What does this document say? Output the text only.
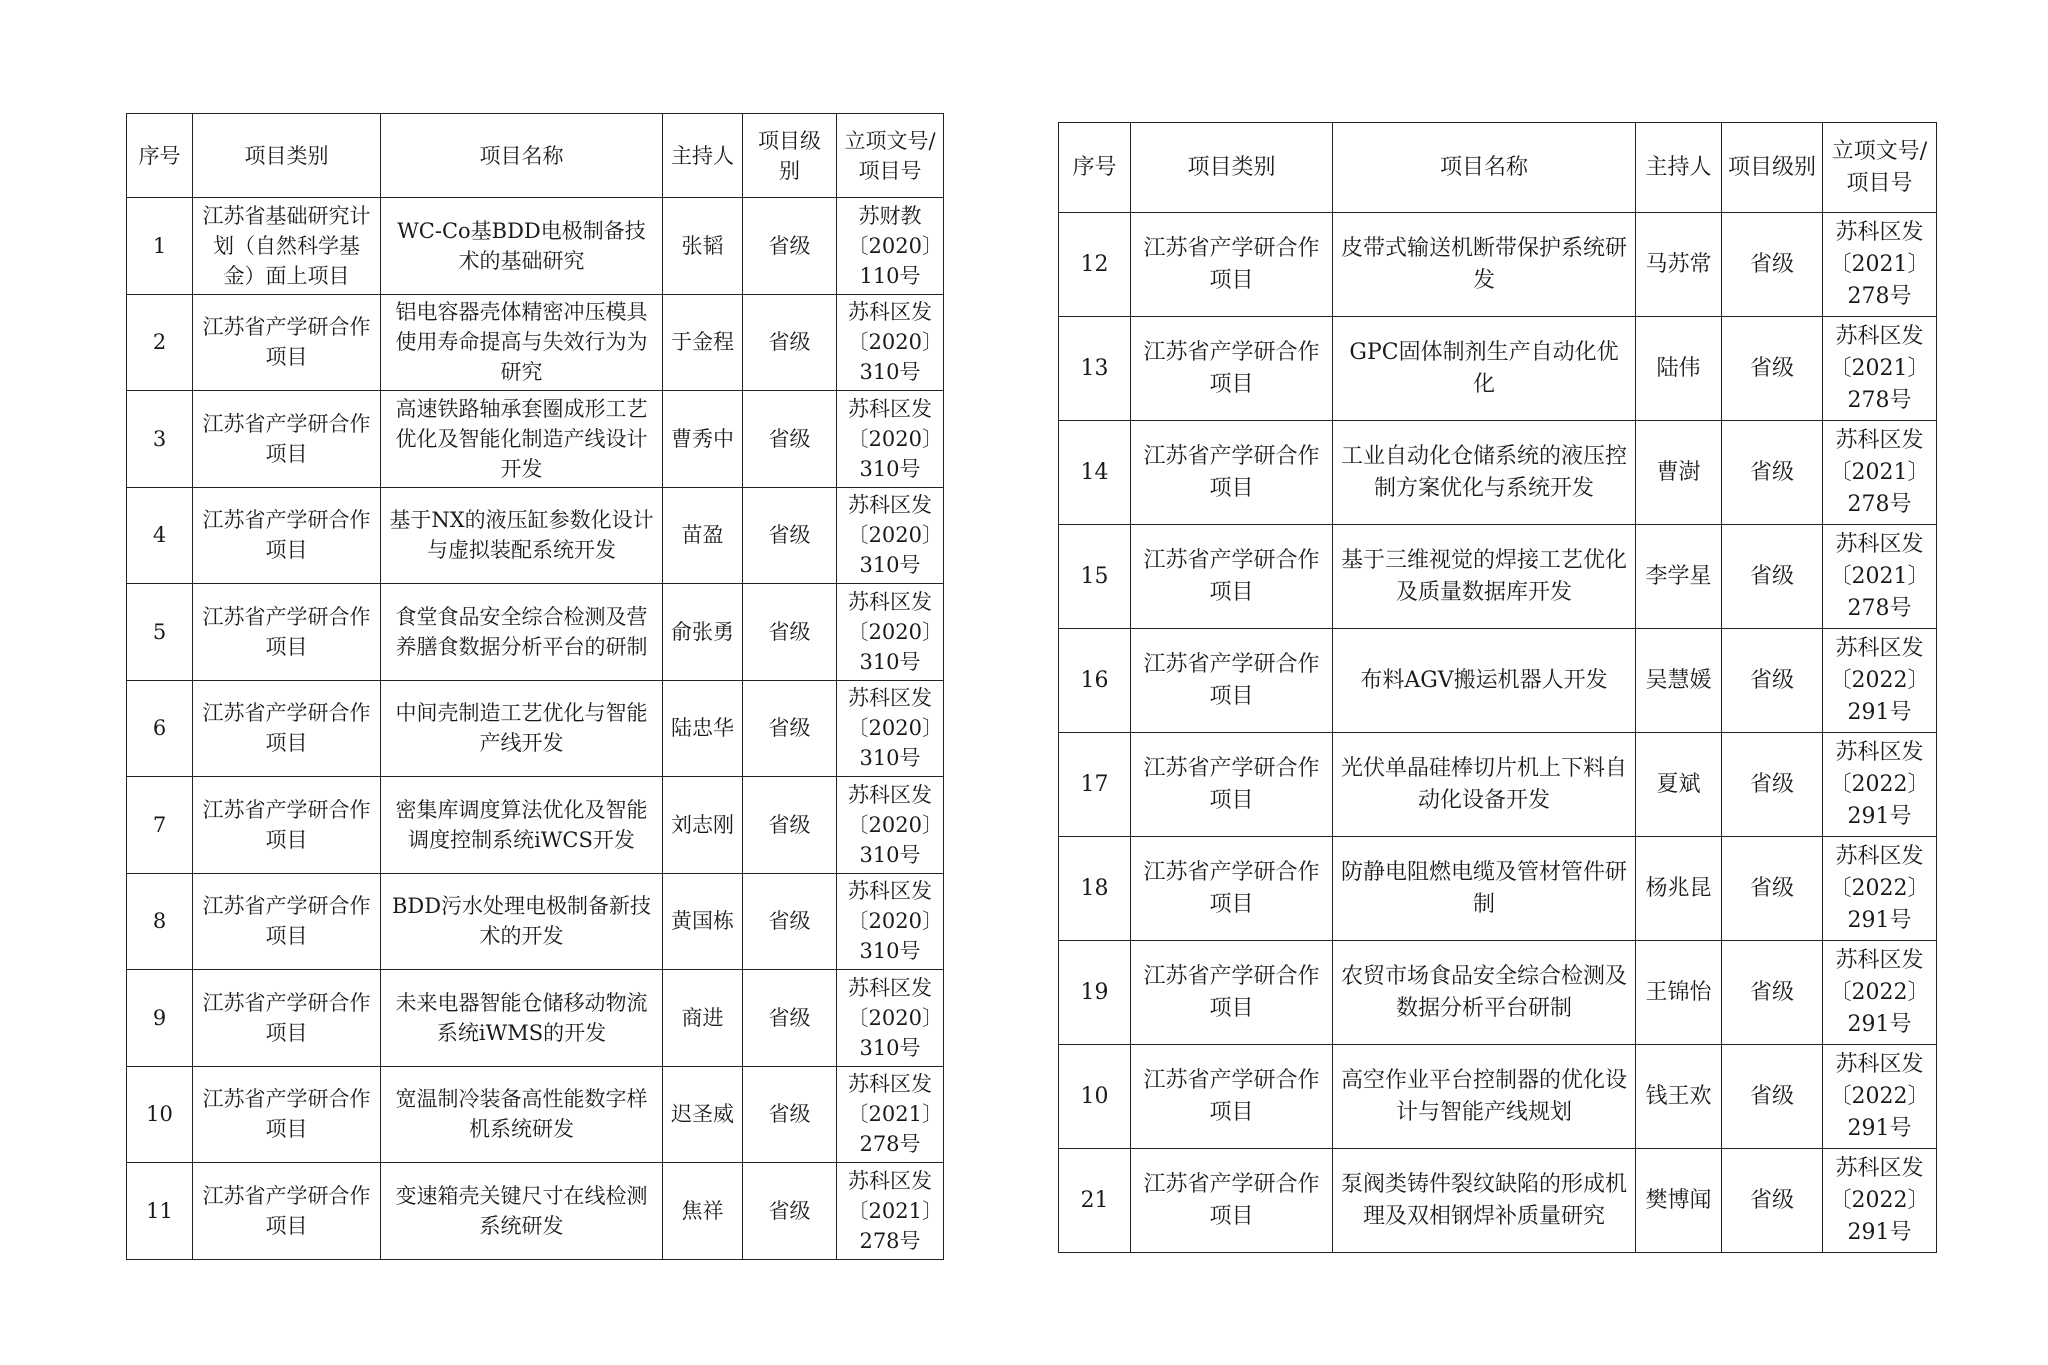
序号	项目类别	项目名称	主持人	项目级别	立项文号/项目号
1	江苏省基础研究计划（自然科学基金）面上项目	WC-Co基BDD电极制备技术的基础研究	张韬	省级	苏财教〔2020〕110号
2	江苏省产学研合作项目	铝电容器壳体精密冲压模具使用寿命提高与失效行为为研究	于金程	省级	苏科区发〔2020〕310号
3	江苏省产学研合作项目	高速铁路轴承套圈成形工艺优化及智能化制造产线设计开发	曹秀中	省级	苏科区发〔2020〕310号
4	江苏省产学研合作项目	基于NX的液压缸参数化设计与虚拟装配系统开发	苗盈	省级	苏科区发〔2020〕310号
5	江苏省产学研合作项目	食堂食品安全综合检测及营养膳食数据分析平台的研制	俞张勇	省级	苏科区发〔2020〕310号
6	江苏省产学研合作项目	中间壳制造工艺优化与智能产线开发	陆忠华	省级	苏科区发〔2020〕310号
7	江苏省产学研合作项目	密集库调度算法优化及智能调度控制系统iWCS开发	刘志刚	省级	苏科区发〔2020〕310号
8	江苏省产学研合作项目	BDD污水处理电极制备新技术的开发	黄国栋	省级	苏科区发〔2020〕310号
9	江苏省产学研合作项目	未来电器智能仓储移动物流系统iWMS的开发	商进	省级	苏科区发〔2020〕310号
10	江苏省产学研合作项目	宽温制冷装备高性能数字样机系统研发	迟圣威	省级	苏科区发〔2021〕278号
11	江苏省产学研合作项目	变速箱壳关键尺寸在线检测系统研发	焦祥	省级	苏科区发〔2021〕278号
序号	项目类别	项目名称	主持人	项目级别	立项文号/项目号
12	江苏省产学研合作项目	皮带式输送机断带保护系统研发	马苏常	省级	苏科区发〔2021〕278号
13	江苏省产学研合作项目	GPC固体制剂生产自动化优化	陆伟	省级	苏科区发〔2021〕278号
14	江苏省产学研合作项目	工业自动化仓储系统的液压控制方案优化与系统开发	曹澍	省级	苏科区发〔2021〕278号
15	江苏省产学研合作项目	基于三维视觉的焊接工艺优化及质量数据库开发	李学星	省级	苏科区发〔2021〕278号
16	江苏省产学研合作项目	布料AGV搬运机器人开发	吴慧媛	省级	苏科区发〔2022〕291号
17	江苏省产学研合作项目	光伏单晶硅棒切片机上下料自动化设备开发	夏斌	省级	苏科区发〔2022〕291号
18	江苏省产学研合作项目	防静电阻燃电缆及管材管件研制	杨兆昆	省级	苏科区发〔2022〕291号
19	江苏省产学研合作项目	农贸市场食品安全综合检测及数据分析平台研制	王锦怡	省级	苏科区发〔2022〕291号
10	江苏省产学研合作项目	高空作业平台控制器的优化设计与智能产线规划	钱王欢	省级	苏科区发〔2022〕291号
21	江苏省产学研合作项目	泵阀类铸件裂纹缺陷的形成机理及双相钢焊补质量研究	樊博闻	省级	苏科区发〔2022〕291号
